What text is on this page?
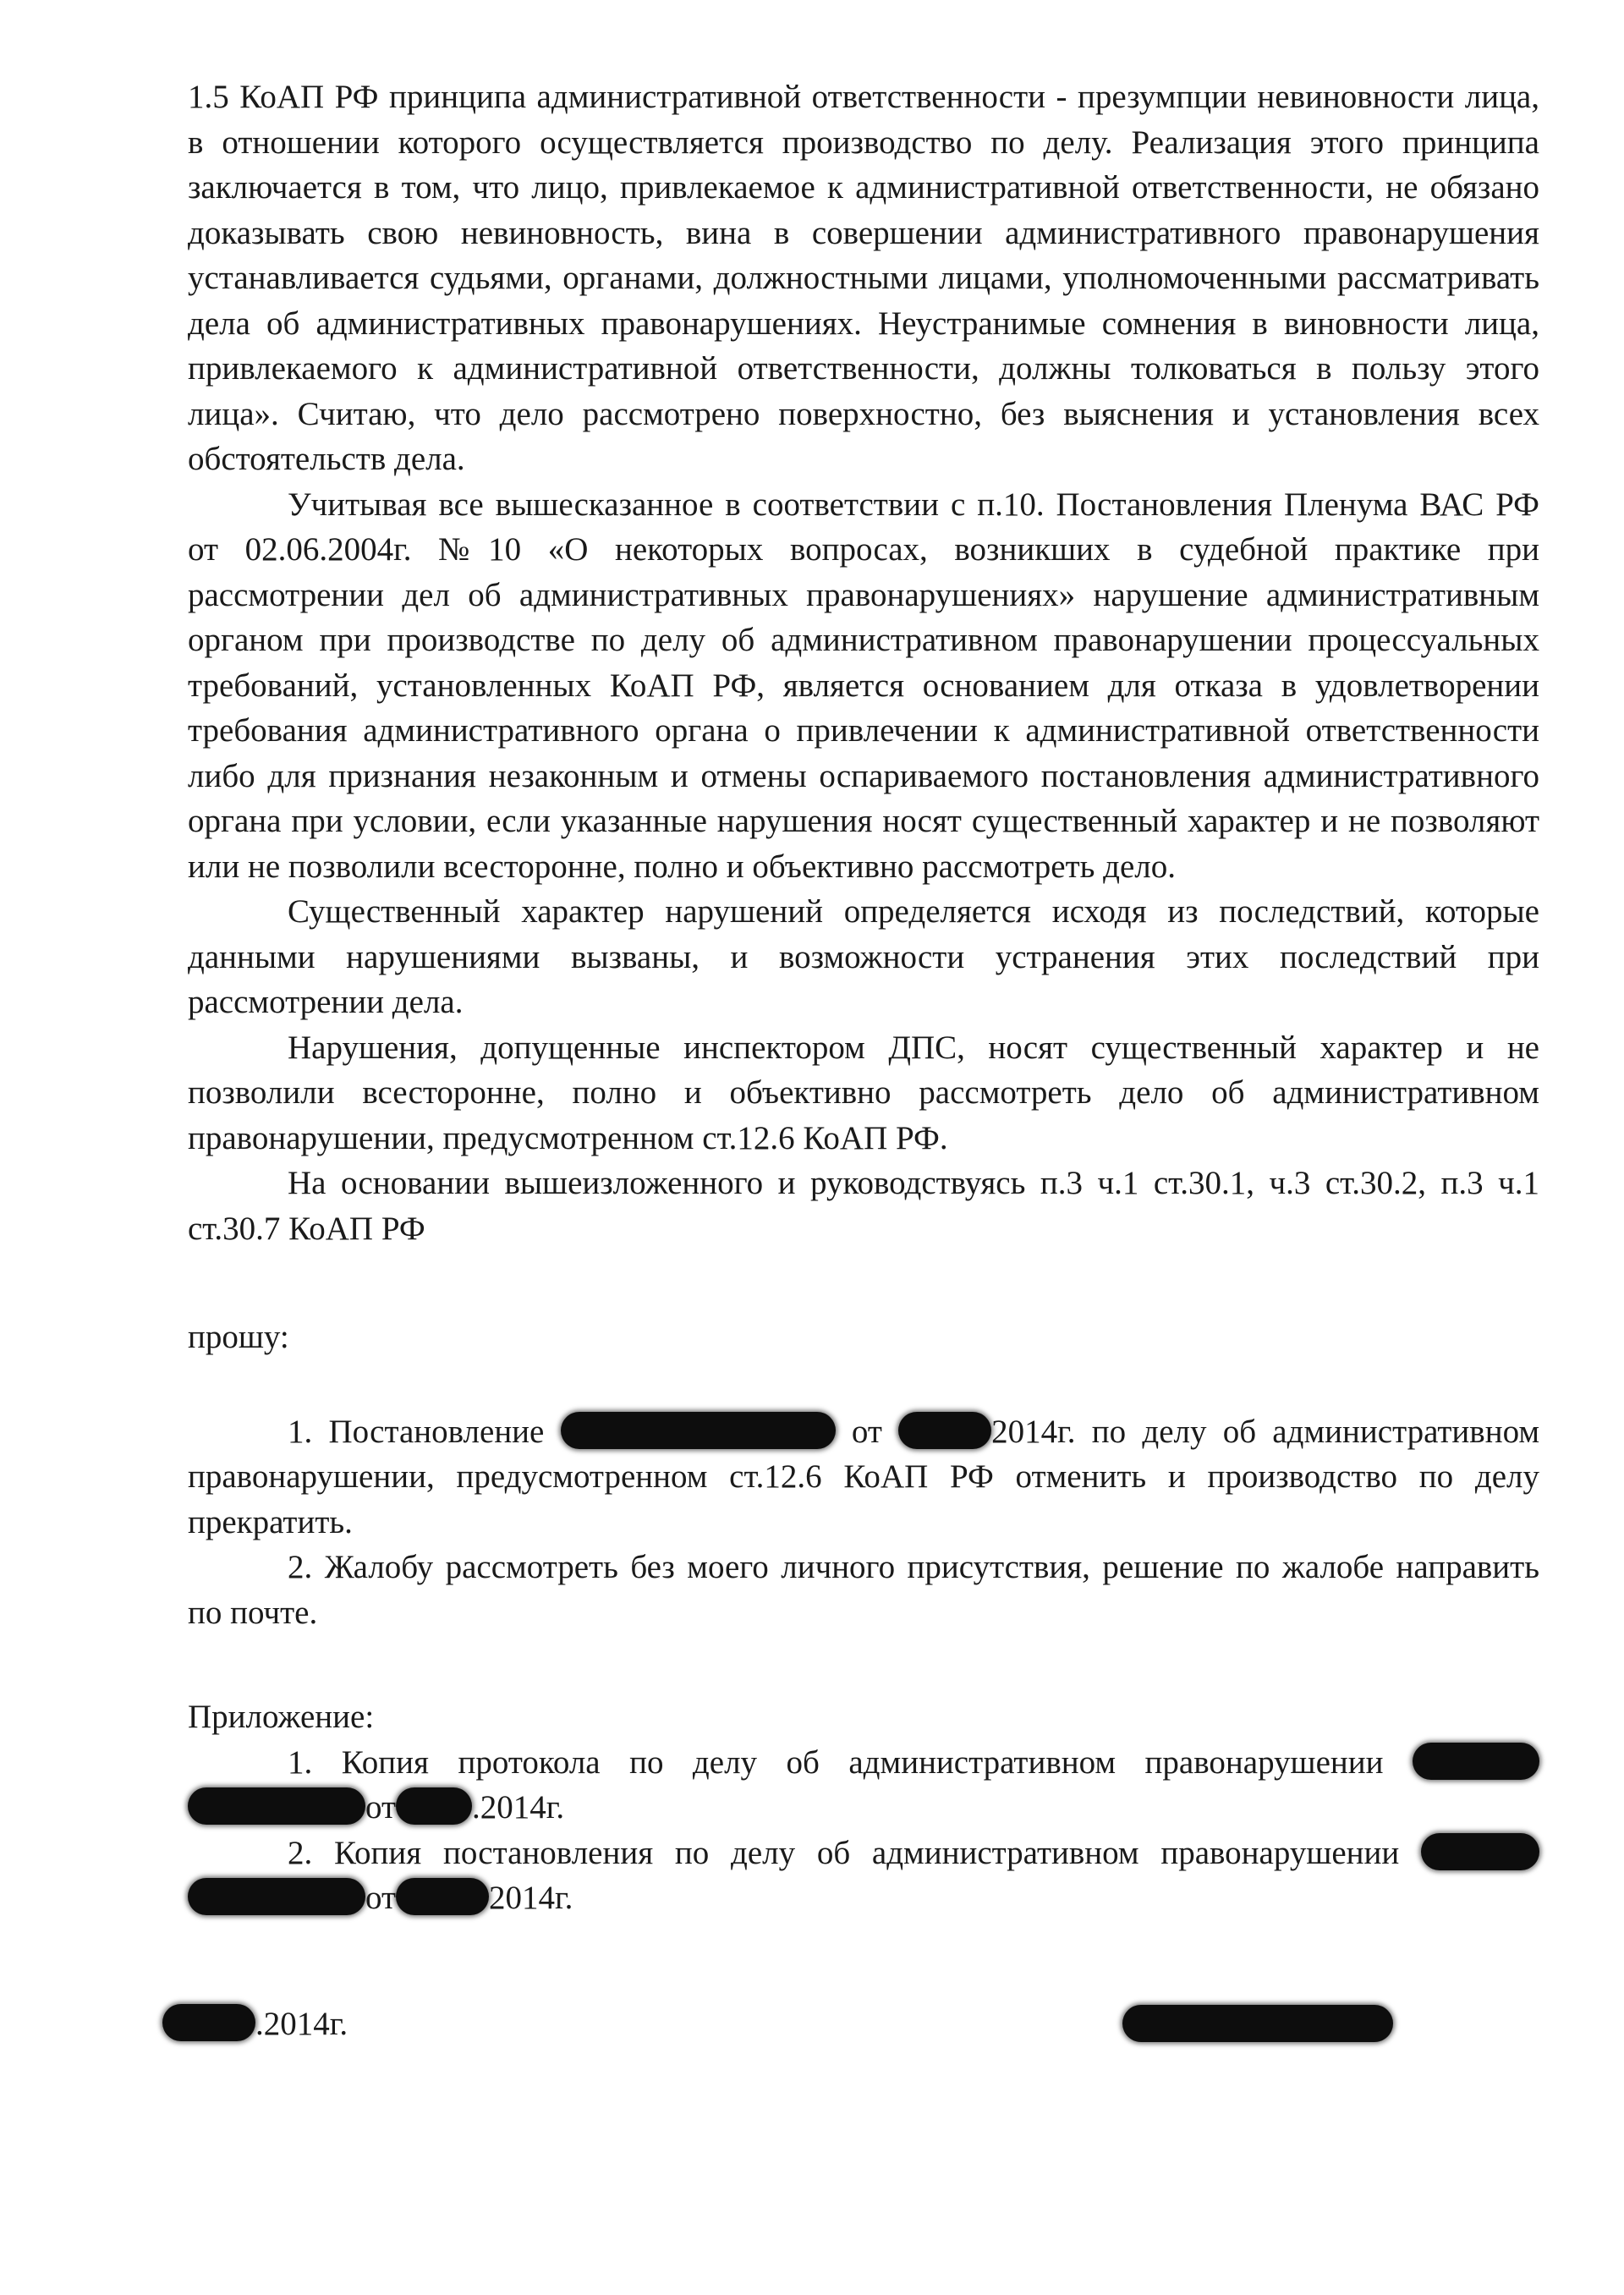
1.5 КоАП РФ принципа административной ответственности - презумпции невиновности лица, в отношении которого осуществляется производство по делу. Реализация этого принципа заключается в том, что лицо, привлекаемое к административной ответственности, не обязано доказывать свою невиновность, вина в совершении административного правонарушения устанавливается судьями, органами, должностными лицами, уполномоченными рассматривать дела об административных правонарушениях. Неустранимые сомнения в виновности лица, привлекаемого к административной ответственности, должны толковаться в пользу этого лица». Считаю, что дело рассмотрено поверхностно, без выяснения и установления всех обстоятельств дела.

Учитывая все вышесказанное в соответствии с п.10. Постановления Пленума ВАС РФ от 02.06.2004г. №10 «О некоторых вопросах, возникших в судебной практике при рассмотрении дел об административных правонарушениях» нарушение административным органом при производстве по делу об административном правонарушении процессуальных требований, установленных КоАП РФ, является основанием для отказа в удовлетворении требования административного органа о привлечении к административной ответственности либо для признания незаконным и отмены оспариваемого постановления административного органа при условии, если указанные нарушения носят существенный характер и не позволяют или не позволили всесторонне, полно и объективно рассмотреть дело.

Существенный характер нарушений определяется исходя из последствий, которые данными нарушениями вызваны, и возможности устранения этих последствий при рассмотрении дела.

Нарушения, допущенные инспектором ДПС, носят существенный характер и не позволили всесторонне, полно и объективно рассмотреть дело об административном правонарушении, предусмотренном ст.12.6 КоАП РФ.

На основании вышеизложенного и руководствуясь п.3 ч.1 ст.30.1, ч.3 ст.30.2, п.3 ч.1 ст.30.7 КоАП РФ

прошу:

1. Постановление	от	2014г. по делу об административном правонарушении, предусмотренном ст.12.6 КоАП РФ отменить и производство по делу прекратить.

2. Жалобу рассмотреть без моего личного присутствия, решение по жалобе направить по почте.

Приложение:

1. Копия протокола по делу об административном правонарушении  от .2014г.

2. Копия постановления по делу об административном правонарушении  от	2014г.

.2014г.
